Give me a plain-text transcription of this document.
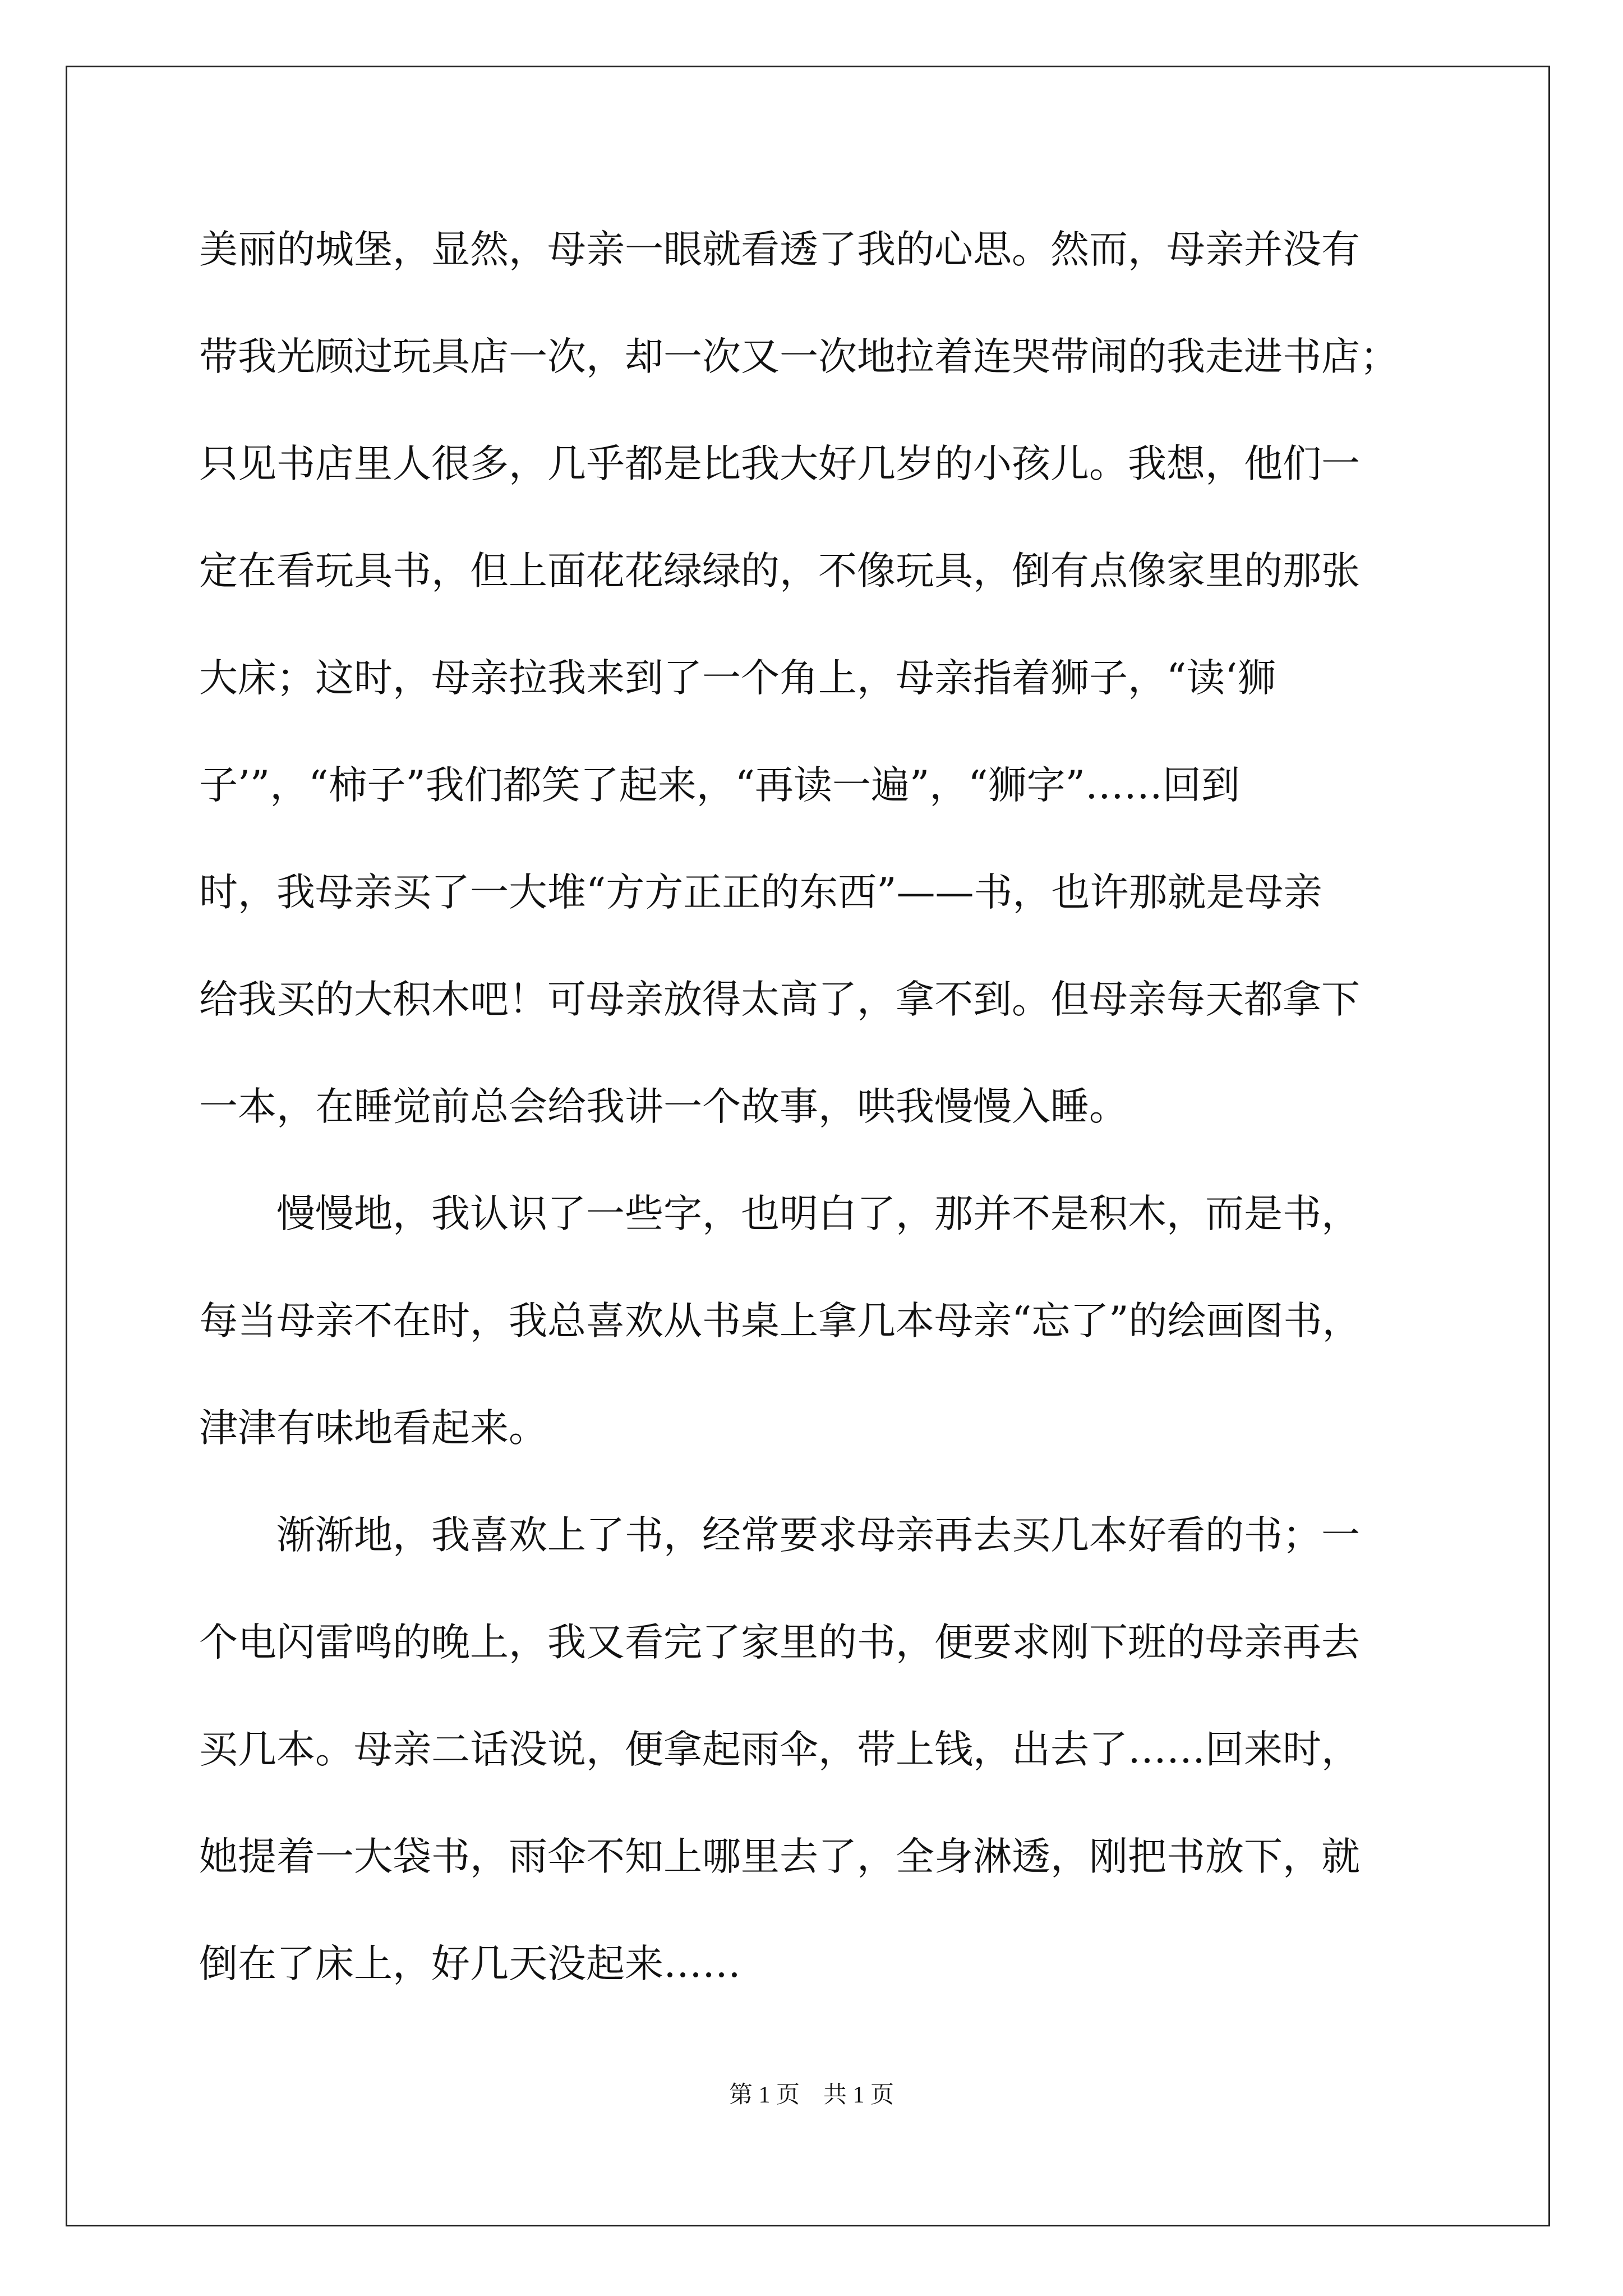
美丽的城堡，显然，母亲一眼就看透了我的心思。然而，母亲并没有
带我光顾过玩具店一次，却一次又一次地拉着连哭带闹的我走进书店；
只见书店里人很多，几乎都是比我大好几岁的小孩儿。我想，他们一
定在看玩具书，但上面花花绿绿的，不像玩具，倒有点像家里的那张
大床；这时，母亲拉我来到了一个角上，母亲指着狮子，“读‘狮
子’”，“柿子”我们都笑了起来，“再读一遍”，“狮字”……回到
时，我母亲买了一大堆“方方正正的东西”——书，也许那就是母亲
给我买的大积木吧！可母亲放得太高了，拿不到。但母亲每天都拿下
一本，在睡觉前总会给我讲一个故事，哄我慢慢入睡。
　　慢慢地，我认识了一些字，也明白了，那并不是积木，而是书，
每当母亲不在时，我总喜欢从书桌上拿几本母亲“忘了”的绘画图书，
津津有味地看起来。
　　渐渐地，我喜欢上了书，经常要求母亲再去买几本好看的书；一
个电闪雷鸣的晚上，我又看完了家里的书，便要求刚下班的母亲再去
买几本。母亲二话没说，便拿起雨伞，带上钱，出去了……回来时，
她提着一大袋书，雨伞不知上哪里去了，全身淋透，刚把书放下，就
倒在了床上，好几天没起来……
第 1 页　共 1 页
